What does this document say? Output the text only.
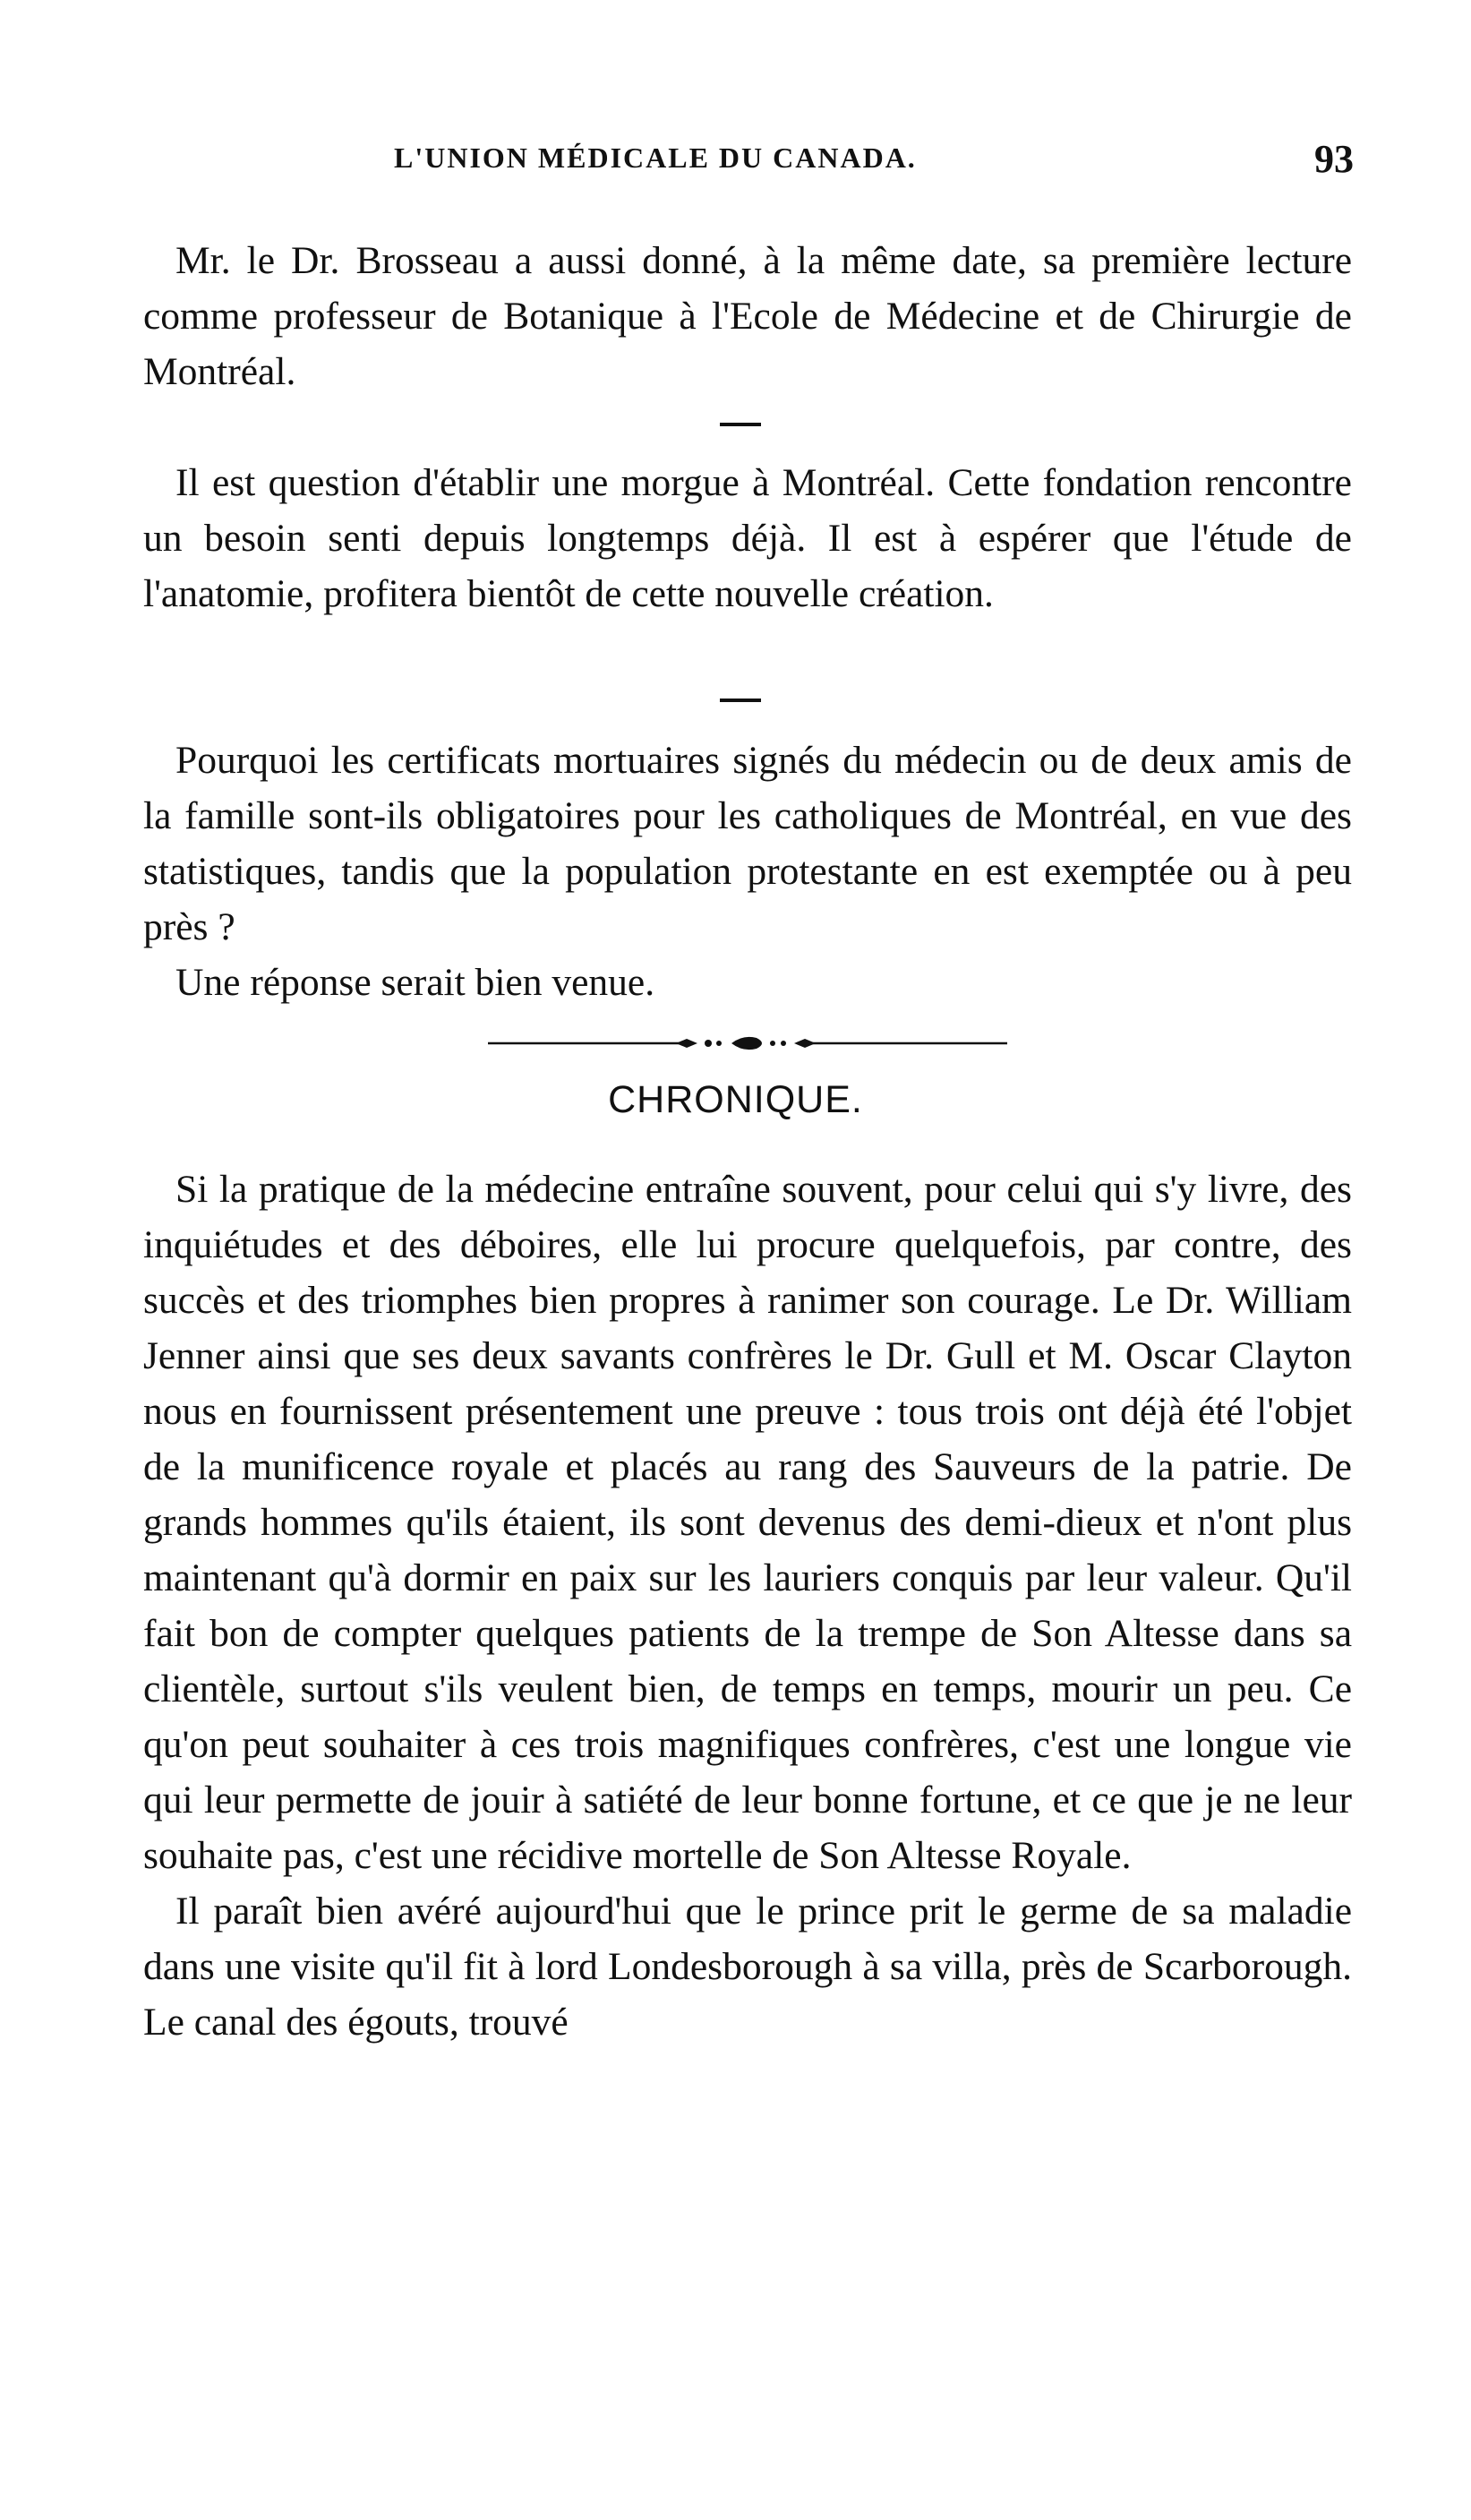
L'UNION MÉDICALE DU CANADA.	93

Mr. le Dr. Brosseau a aussi donné, à la même date, sa première lecture comme professeur de Botanique à l'Ecole de Médecine et de Chirurgie de Montréal.

Il est question d'établir une morgue à Montréal. Cette fondation rencontre un besoin senti depuis longtemps déjà. Il est à espérer que l'étude de l'anatomie, profitera bientôt de cette nouvelle création.

Pourquoi les certificats mortuaires signés du médecin ou de deux amis de la famille sont-ils obligatoires pour les catholiques de Montréal, en vue des statistiques, tandis que la population protestante en est exemptée ou à peu près ?

Une réponse serait bien venue.

CHRONIQUE.

Si la pratique de la médecine entraîne souvent, pour celui qui s'y livre, des inquiétudes et des déboires, elle lui procure quelquefois, par contre, des succès et des triomphes bien propres à ranimer son courage. Le Dr. William Jenner ainsi que ses deux savants confrères le Dr. Gull et M. Oscar Clayton nous en fournissent présentement une preuve : tous trois ont déjà été l'objet de la munificence royale et placés au rang des Sauveurs de la patrie. De grands hommes qu'ils étaient, ils sont devenus des demi-dieux et n'ont plus maintenant qu'à dormir en paix sur les lauriers conquis par leur valeur. Qu'il fait bon de compter quelques patients de la trempe de Son Altesse dans sa clientèle, surtout s'ils veulent bien, de temps en temps, mourir un peu. Ce qu'on peut souhaiter à ces trois magnifiques confrères, c'est une longue vie qui leur permette de jouir à satiété de leur bonne fortune, et ce que je ne leur souhaite pas, c'est une récidive mortelle de Son Altesse Royale.

Il paraît bien avéré aujourd'hui que le prince prit le germe de sa maladie dans une visite qu'il fit à lord Londesborough à sa villa, près de Scarborough. Le canal des égouts, trouvé
